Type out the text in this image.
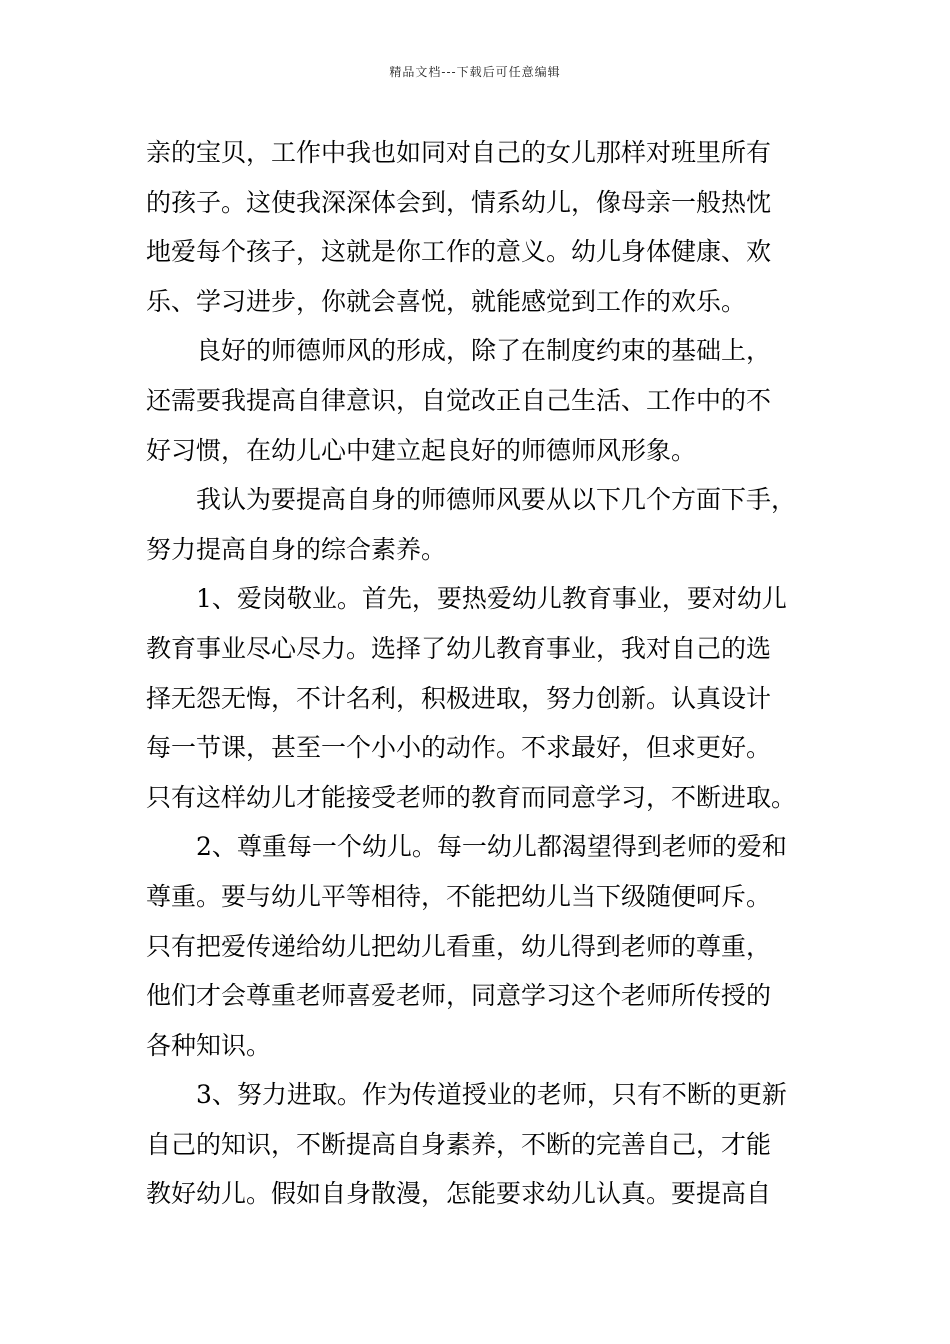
精品文档---下载后可任意编辑

亲的宝贝，工作中我也如同对自己的女儿那样对班里所有
的孩子。这使我深深体会到，情系幼儿，像母亲一般热忱
地爱每个孩子，这就是你工作的意义。幼儿身体健康、欢
乐、学习进步，你就会喜悦，就能感觉到工作的欢乐。

良好的师德师风的形成，除了在制度约束的基础上，
还需要我提高自律意识，自觉改正自己生活、工作中的不
好习惯，在幼儿心中建立起良好的师德师风形象。

我认为要提高自身的师德师风要从以下几个方面下手，
努力提高自身的综合素养。

1、爱岗敬业。首先，要热爱幼儿教育事业，要对幼儿
教育事业尽心尽力。选择了幼儿教育事业，我对自己的选
择无怨无悔，不计名利，积极进取，努力创新。认真设计
每一节课，甚至一个小小的动作。不求最好，但求更好。
只有这样幼儿才能接受老师的教育而同意学习，不断进取。

2、尊重每一个幼儿。每一幼儿都渴望得到老师的爱和
尊重。要与幼儿平等相待，不能把幼儿当下级随便呵斥。
只有把爱传递给幼儿把幼儿看重，幼儿得到老师的尊重，
他们才会尊重老师喜爱老师，同意学习这个老师所传授的
各种知识。

3、努力进取。作为传道授业的老师，只有不断的更新
自己的知识，不断提高自身素养，不断的完善自己，才能
教好幼儿。假如自身散漫，怎能要求幼儿认真。要提高自
